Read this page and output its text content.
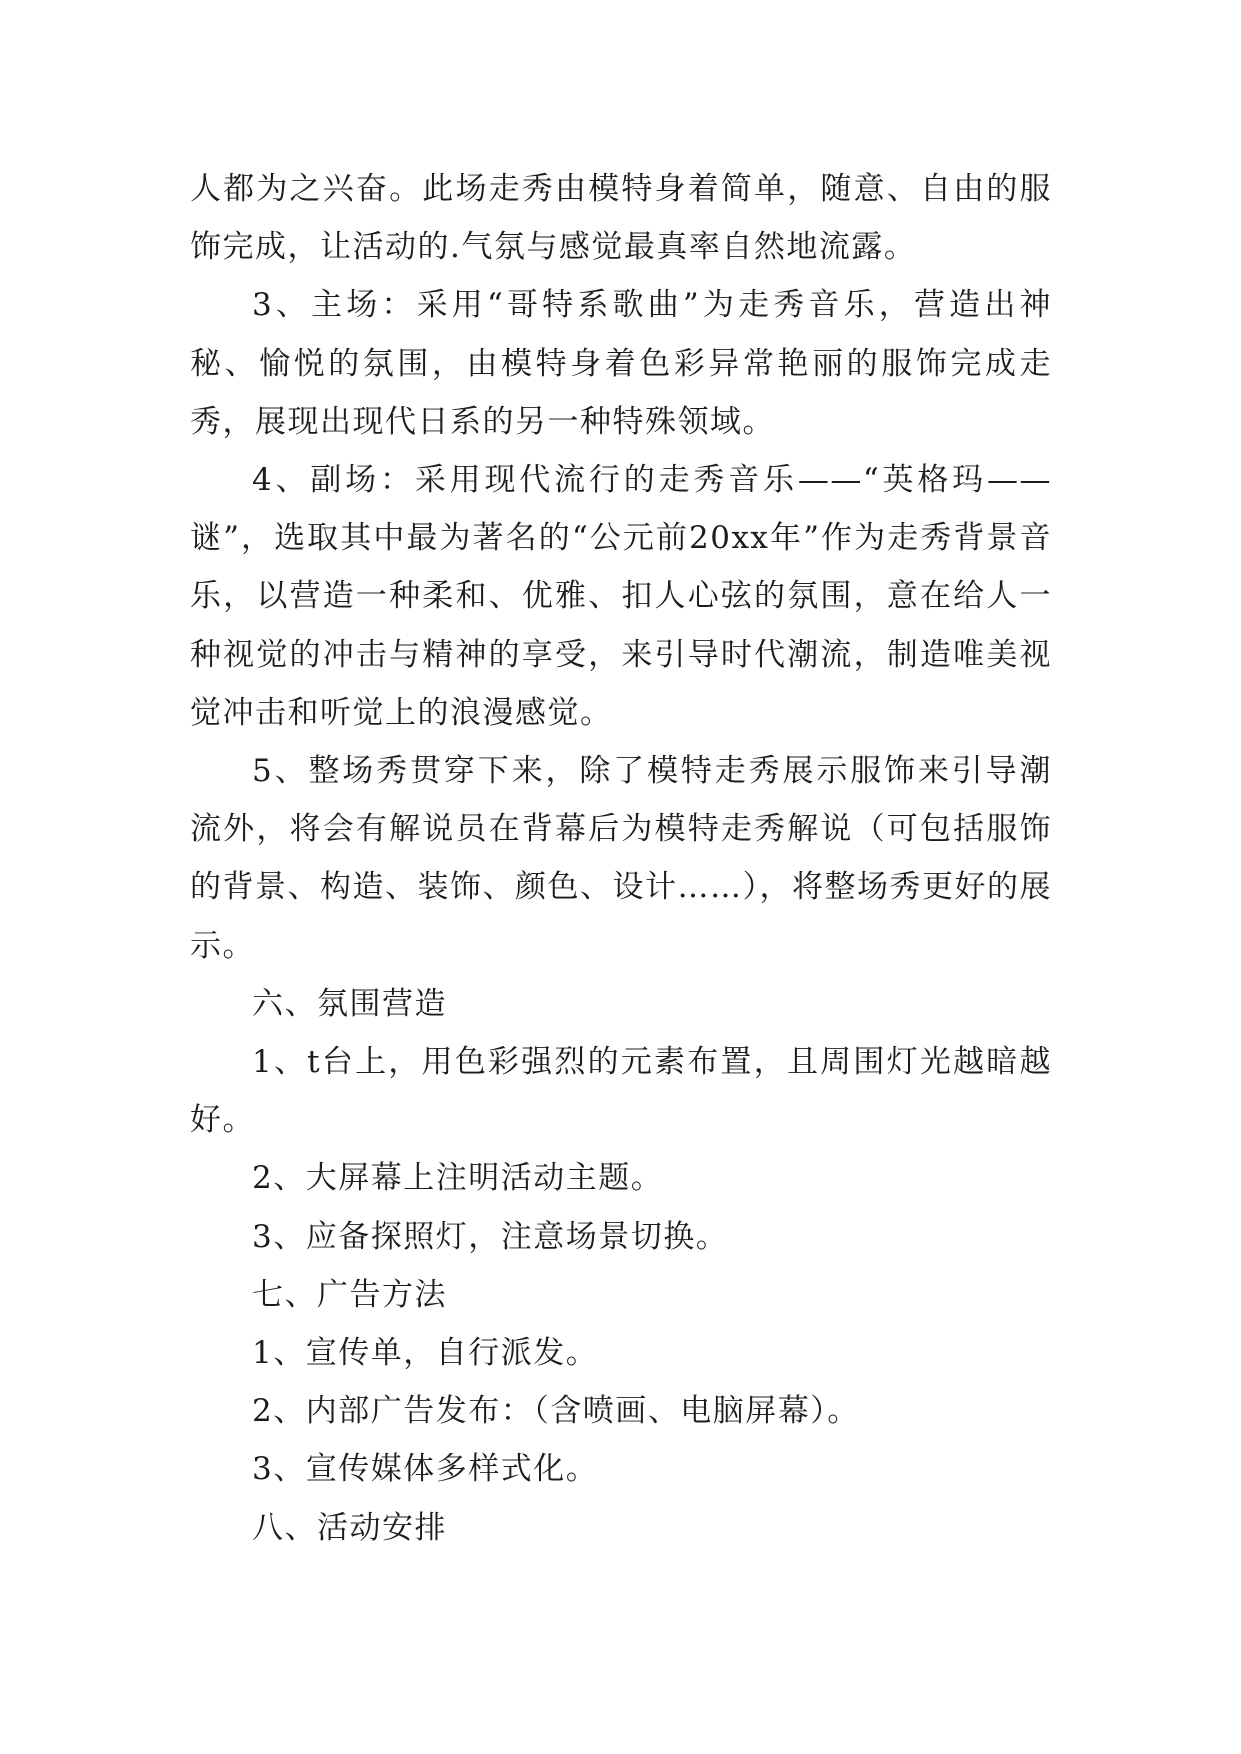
人都为之兴奋。此场走秀由模特身着简单，随意、自由的服饰完成，让活动的.气氛与感觉最真率自然地流露。

3、主场：采用“哥特系歌曲”为走秀音乐，营造出神秘、愉悦的氛围，由模特身着色彩异常艳丽的服饰完成走秀，展现出现代日系的另一种特殊领域。

4、副场：采用现代流行的走秀音乐——“英格玛——谜”，选取其中最为著名的“公元前20xx年”作为走秀背景音乐，以营造一种柔和、优雅、扣人心弦的氛围，意在给人一种视觉的冲击与精神的享受，来引导时代潮流，制造唯美视觉冲击和听觉上的浪漫感觉。

5、整场秀贯穿下来，除了模特走秀展示服饰来引导潮流外，将会有解说员在背幕后为模特走秀解说（可包括服饰的背景、构造、装饰、颜色、设计……），将整场秀更好的展示。

六、氛围营造

1、t台上，用色彩强烈的元素布置，且周围灯光越暗越好。

2、大屏幕上注明活动主题。

3、应备探照灯，注意场景切换。

七、广告方法

1、宣传单，自行派发。

2、内部广告发布：（含喷画、电脑屏幕）。

3、宣传媒体多样式化。

八、活动安排
